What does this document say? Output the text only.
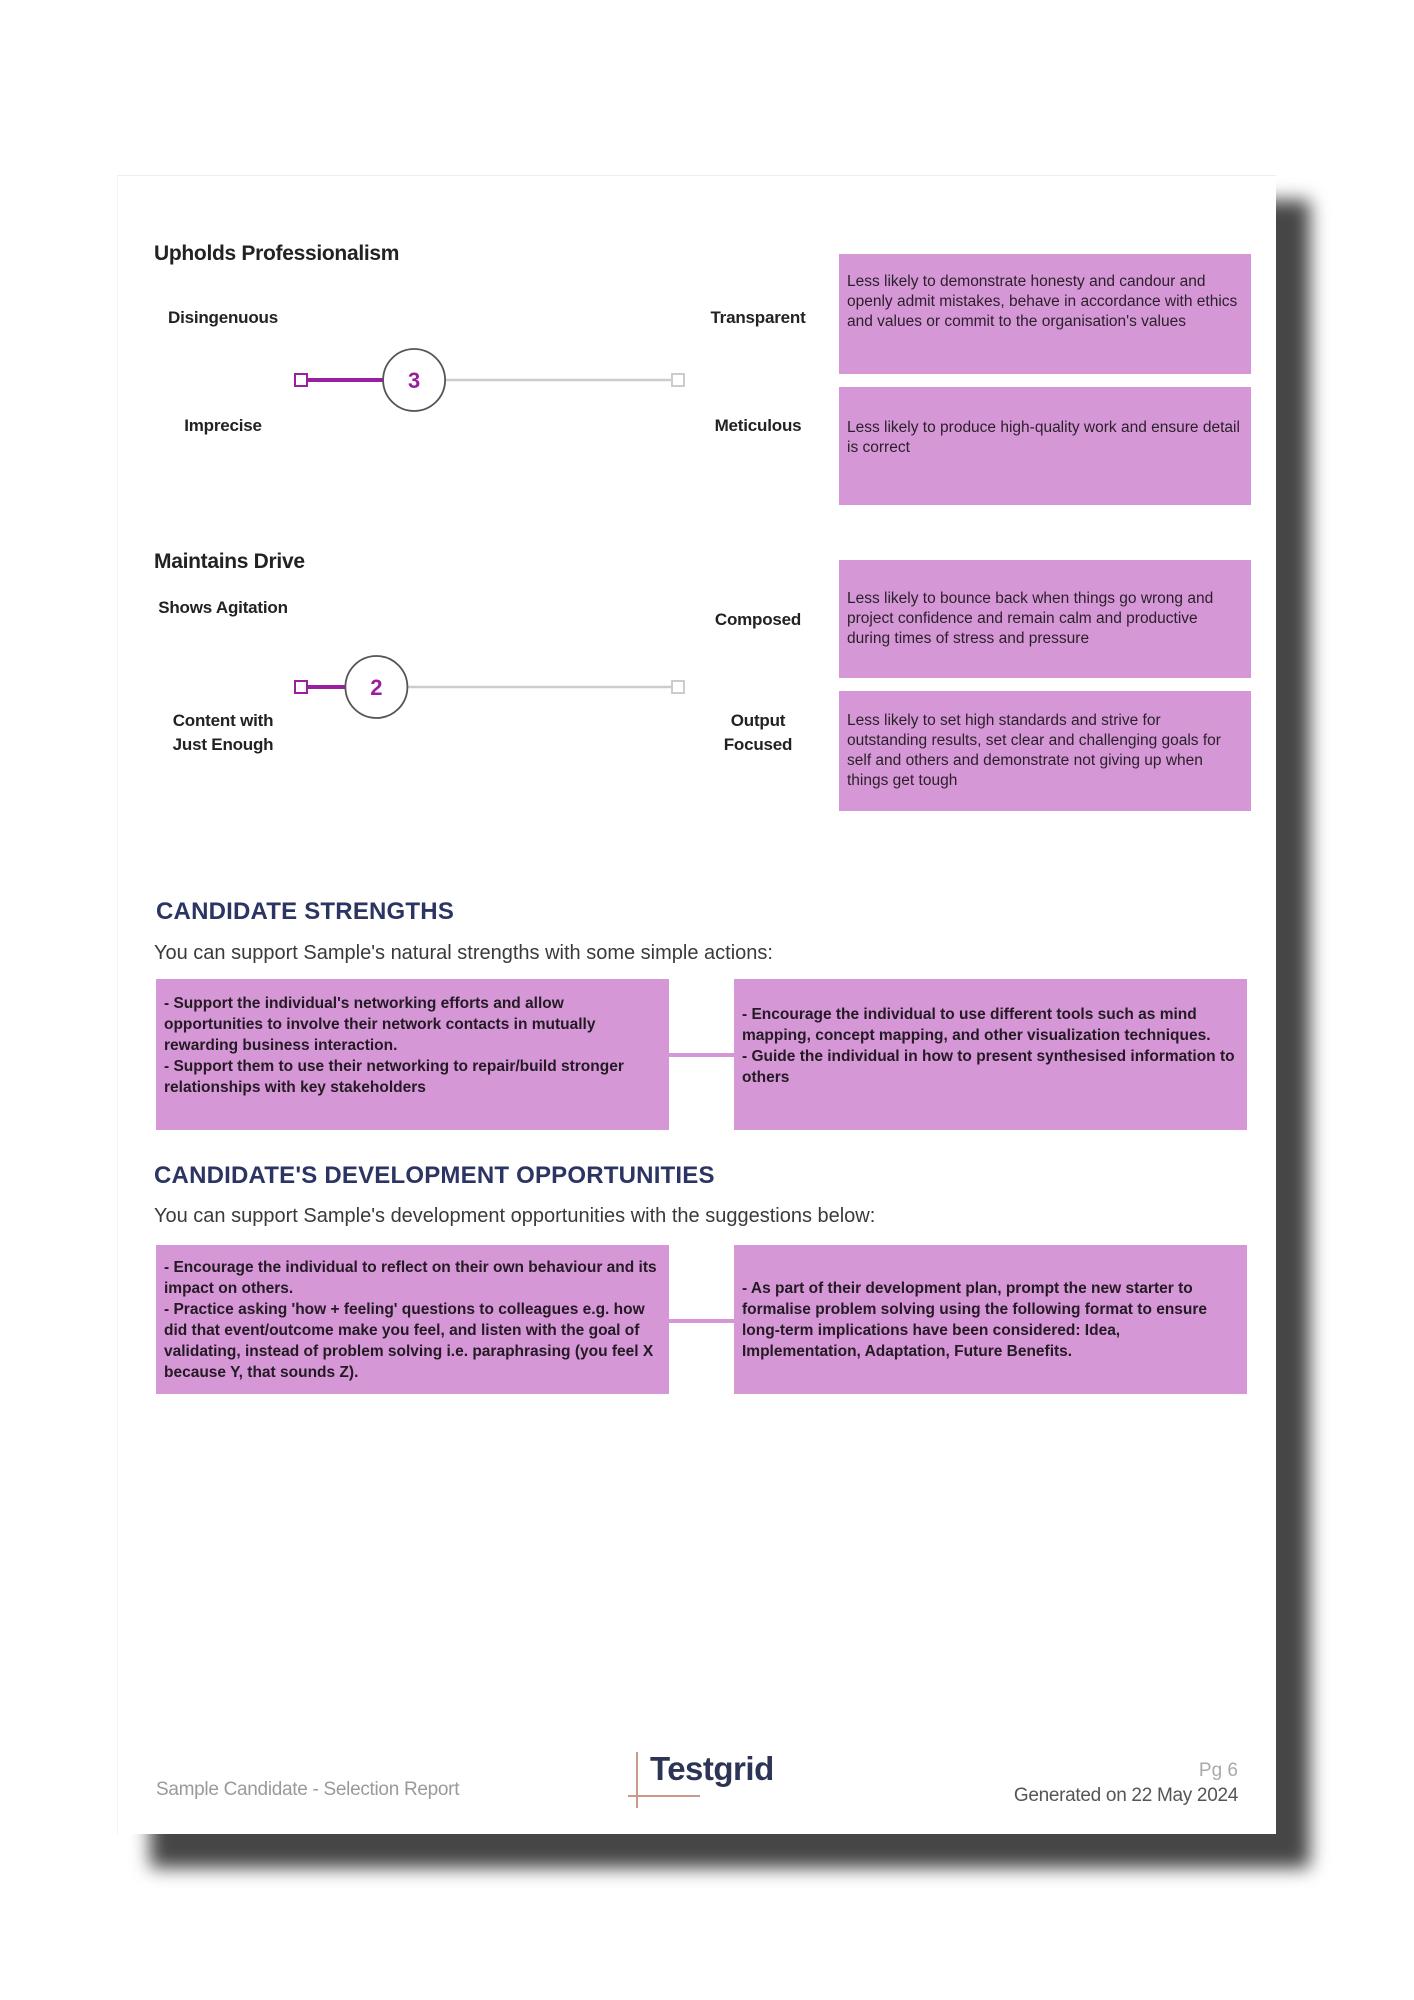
Upholds Professionalism
Disingenuous
Imprecise
Transparent
Meticulous
3
Less likely to demonstrate honesty and candour and openly admit mistakes, behave in accordance with ethics and values or commit to the organisation's values
Less likely to produce high-quality work and ensure detail is correct
Maintains Drive
Shows Agitation
Content with Just Enough
Composed
Output Focused
2
Less likely to bounce back when things go wrong and project confidence and remain calm and productive during times of stress and pressure
Less likely to set high standards and strive for outstanding results, set clear and challenging goals for self and others and demonstrate not giving up when things get tough
CANDIDATE STRENGTHS
You can support Sample's natural strengths with some simple actions:
- Support the individual's networking efforts and allow opportunities to involve their network contacts in mutually rewarding business interaction.
- Support them to use their networking to repair/build stronger relationships with key stakeholders
- Encourage the individual to use different tools such as mind mapping, concept mapping, and other visualization techniques.
- Guide the individual in how to present synthesised information to others
CANDIDATE'S DEVELOPMENT OPPORTUNITIES
You can support Sample's development opportunities with the suggestions below:
- Encourage the individual to reflect on their own behaviour and its impact on others.
- Practice asking 'how + feeling' questions to colleagues e.g. how did that event/outcome make you feel, and listen with the goal of validating, instead of problem solving i.e. paraphrasing (you feel X because Y, that sounds Z).
- As part of their development plan, prompt the new starter to formalise problem solving using the following format to ensure long-term implications have been considered: Idea, Implementation, Adaptation, Future Benefits.
Sample Candidate - Selection Report
Testgrid	Pg 6
Generated on 22 May 2024
